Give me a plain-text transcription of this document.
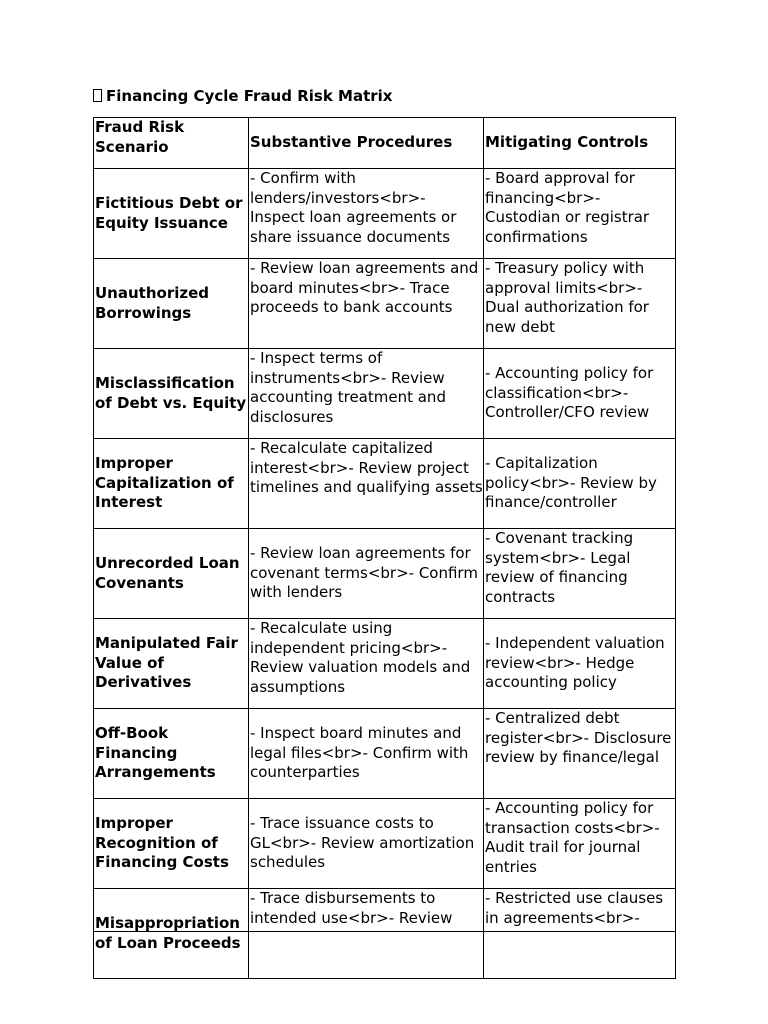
Financing Cycle Fraud Risk Matrix
Fraud Risk Scenario	Substantive Procedures	Mitigating Controls
Fictitious Debt or Equity Issuance	- Confirm with lenders/investors<br>- Inspect loan agreements or share issuance documents	- Board approval for financing<br>- Custodian or registrar confirmations
Unauthorized Borrowings	- Review loan agreements and board minutes<br>- Trace proceeds to bank accounts	- Treasury policy with approval limits<br>- Dual authorization for new debt
Misclassification of Debt vs. Equity	- Inspect terms of instruments<br>- Review accounting treatment and disclosures	- Accounting policy for classification<br>- Controller/CFO review
Improper Capitalization of Interest	- Recalculate capitalized interest<br>- Review project timelines and qualifying assets	- Capitalization policy<br>- Review by finance/controller
Unrecorded Loan Covenants	- Review loan agreements for covenant terms<br>- Confirm with lenders	- Covenant tracking system<br>- Legal review of financing contracts
Manipulated Fair Value of Derivatives	- Recalculate using independent pricing<br>- Review valuation models and assumptions	- Independent valuation review<br>- Hedge accounting policy
Off-Book Financing Arrangements	- Inspect board minutes and legal files<br>- Confirm with counterparties	- Centralized debt register<br>- Disclosure review by finance/legal
Improper Recognition of Financing Costs	- Trace issuance costs to GL<br>- Review amortization schedules	- Accounting policy for transaction costs<br>- Audit trail for journal entries
Misappropriation of Loan Proceeds	- Trace disbursements to intended use<br>- Review	- Restricted use clauses in agreements<br>-
